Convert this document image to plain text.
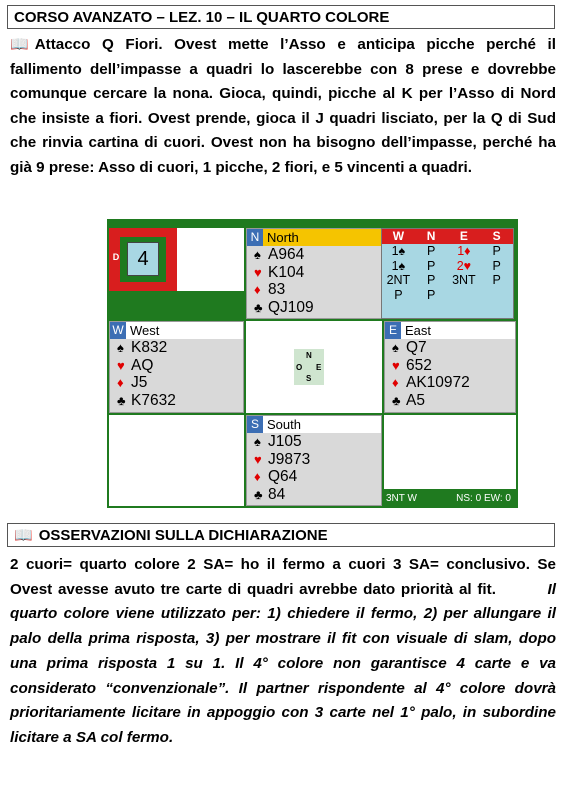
CORSO AVANZATO – LEZ. 10 – IL QUARTO COLORE
📖 Attacco Q Fiori. Ovest mette l’Asso e anticipa picche perché il fallimento dell’impasse a quadri lo lascerebbe con 8 prese e dovrebbe comunque cercare la nona. Gioca, quindi, picche al K per l’Asso di Nord che insiste a fiori. Ovest prende, gioca il J quadri lisciato, per la Q di Sud che rinvia cartina di cuori. Ovest non ha bisogno dell’impasse, perché ha già 9 prese: Asso di cuori, 1 picche, 2 fiori, e 5 vincenti a quadri.
4
D
N North
♠ A964
♥ K104
♦ 83
♣ QJ109
W West
♠ K832
♥ AQ
♦ J5
♣ K7632
N
O E
S
E East
♠ Q7
♥ 652
♦ AK10972
♣ A5
S South
♠ J105
♥ J9873
♦ Q64
♣ 84
W	N	E	S
1♠	P	1♦	P
1♠	P	2♥	P
2NT	P	3NT	P
P	P
3NT W	NS: 0 EW: 0
📖 OSSERVAZIONI SULLA DICHIARAZIONE
2 cuori= quarto colore 2 SA= ho il fermo a cuori 3 SA= conclusivo. Se Ovest avesse avuto tre carte di quadri avrebbe dato priorità al fit.	Il quarto colore viene utilizzato per: 1) chiedere il fermo, 2) per allungare il palo della prima risposta, 3) per mostrare il fit con visuale di slam, dopo una prima risposta 1 su 1. Il 4° colore non garantisce 4 carte e va considerato “convenzionale”. Il partner rispondente al 4° colore dovrà prioritariamente licitare in appoggio con 3 carte nel 1° palo, in subordine licitare a SA col fermo.
